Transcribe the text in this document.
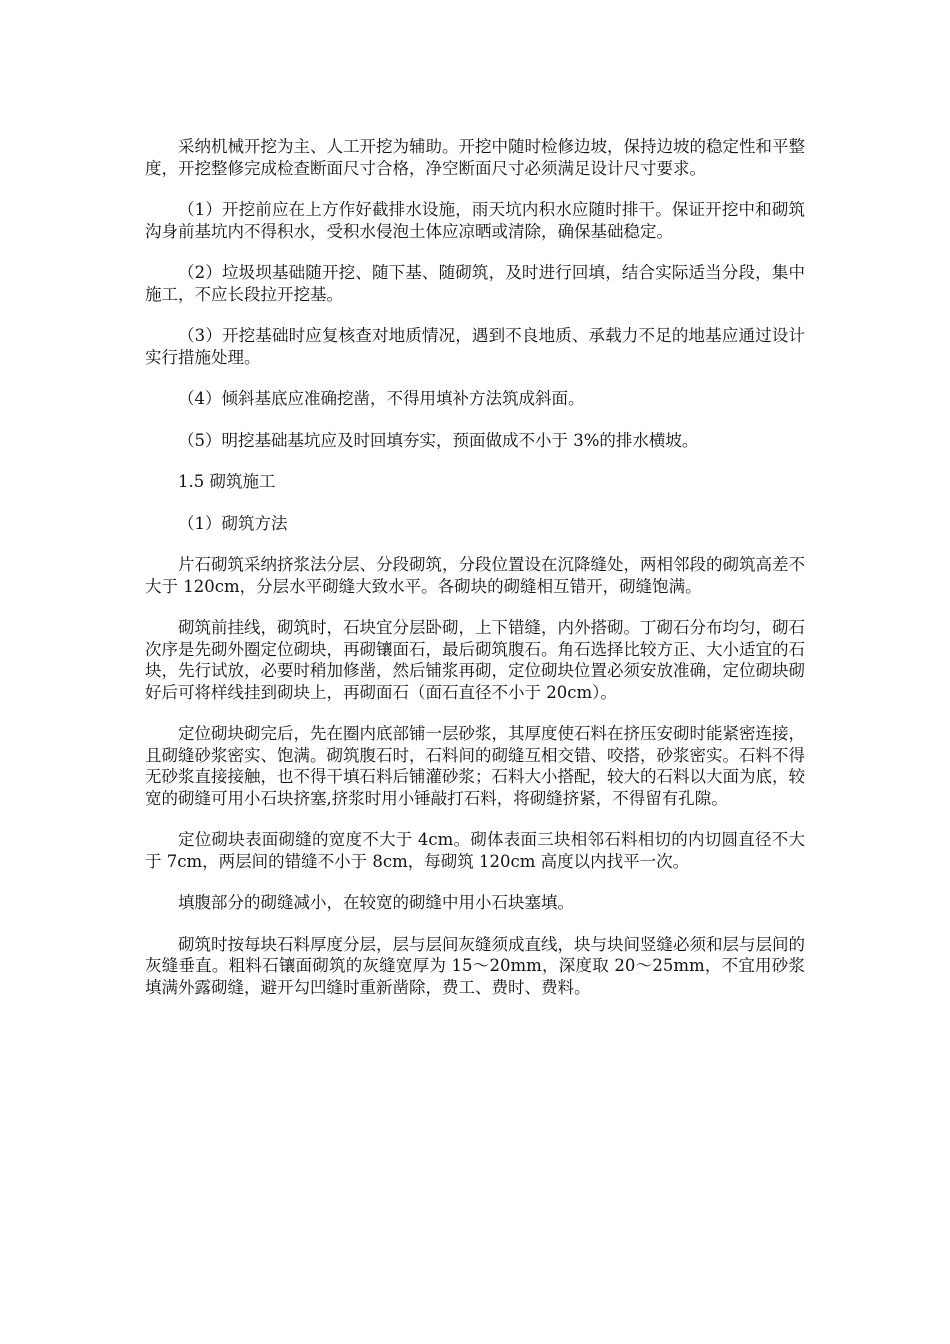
采纳机械开挖为主、人工开挖为辅助。开挖中随时检修边坡，保持边坡的稳定性和平整度，开挖整修完成检查断面尺寸合格，净空断面尺寸必须满足设计尺寸要求。

（1）开挖前应在上方作好截排水设施，雨天坑内积水应随时排干。保证开挖中和砌筑沟身前基坑内不得积水，受积水侵泡土体应凉晒或清除，确保基础稳定。

（2）垃圾坝基础随开挖、随下基、随砌筑，及时进行回填，结合实际适当分段，集中施工，不应长段拉开挖基。

（3）开挖基础时应复核查对地质情况，遇到不良地质、承载力不足的地基应通过设计实行措施处理。

（4）倾斜基底应准确挖凿，不得用填补方法筑成斜面。

（5）明挖基础基坑应及时回填夯实，预面做成不小于 3%的排水横坡。

1.5 砌筑施工

（1）砌筑方法

片石砌筑采纳挤浆法分层、分段砌筑，分段位置设在沉降缝处，两相邻段的砌筑高差不大于 120cm，分层水平砌缝大致水平。各砌块的砌缝相互错开，砌缝饱满。

砌筑前挂线，砌筑时，石块宜分层卧砌，上下错缝，内外搭砌。丁砌石分布均匀，砌石次序是先砌外圈定位砌块，再砌镶面石，最后砌筑腹石。角石选择比较方正、大小适宜的石块，先行试放，必要时稍加修凿，然后铺浆再砌，定位砌块位置必须安放准确，定位砌块砌好后可将样线挂到砌块上，再砌面石（面石直径不小于 20cm）。

定位砌块砌完后，先在圈内底部铺一层砂浆，其厚度使石料在挤压安砌时能紧密连接，且砌缝砂浆密实、饱满。砌筑腹石时，石料间的砌缝互相交错、咬搭，砂浆密实。石料不得无砂浆直接接触，也不得干填石料后铺灌砂浆；石料大小搭配，较大的石料以大面为底，较宽的砌缝可用小石块挤塞,挤浆时用小锤敲打石料，将砌缝挤紧，不得留有孔隙。

定位砌块表面砌缝的宽度不大于 4cm。砌体表面三块相邻石料相切的内切圆直径不大于 7cm，两层间的错缝不小于 8cm，每砌筑 120cm 高度以内找平一次。

填腹部分的砌缝减小，在较宽的砌缝中用小石块塞填。

砌筑时按每块石料厚度分层，层与层间灰缝须成直线，块与块间竖缝必须和层与层间的灰缝垂直。粗料石镶面砌筑的灰缝宽厚为 15～20mm，深度取 20～25mm，不宜用砂浆填满外露砌缝，避开勾凹缝时重新凿除，费工、费时、费料。
